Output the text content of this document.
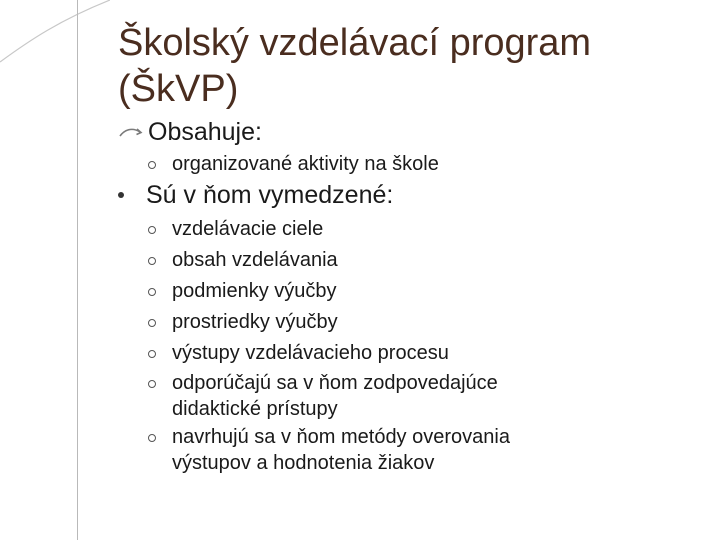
Školský vzdelávací program
(ŠkVP)
Obsahuje:
organizované aktivity na škole
Sú v ňom vymedzené:
vzdelávacie ciele
obsah vzdelávania
podmienky výučby
prostriedky výučby
výstupy vzdelávacieho procesu
odporúčajú sa v ňom zodpovedajúce
didaktické prístupy
navrhujú sa v ňom metódy overovania
výstupov a hodnotenia žiakov
